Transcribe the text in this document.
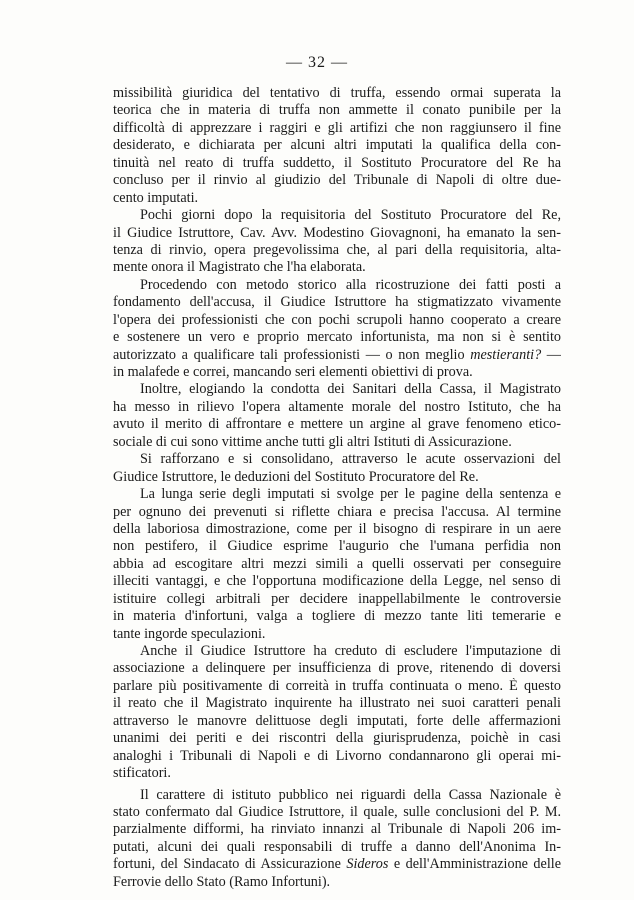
— 32 —
missibilità giuridica del tentativo di truffa, essendo ormai superata la
teorica che in materia di truffa non ammette il conato punibile per la
difficoltà di apprezzare i raggiri e gli artifizi che non raggiunsero il fine
desiderato, e dichiarata per alcuni altri imputati la qualifica della con-
tinuità nel reato di truffa suddetto, il Sostituto Procuratore del Re ha
concluso per il rinvio al giudizio del Tribunale di Napoli di oltre due-
cento imputati.
Pochi giorni dopo la requisitoria del Sostituto Procuratore del Re,
il Giudice Istruttore, Cav. Avv. Modestino Giovagnoni, ha emanato la sen-
tenza di rinvio, opera pregevolissima che, al pari della requisitoria, alta-
mente onora il Magistrato che l'ha elaborata.
Procedendo con metodo storico alla ricostruzione dei fatti posti a
fondamento dell'accusa, il Giudice Istruttore ha stigmatizzato vivamente
l'opera dei professionisti che con pochi scrupoli hanno cooperato a creare
e sostenere un vero e proprio mercato infortunista, ma non si è sentito
autorizzato a qualificare tali professionisti — o non meglio mestieranti? —
in malafede e correi, mancando seri elementi obiettivi di prova.
Inoltre, elogiando la condotta dei Sanitari della Cassa, il Magistrato
ha messo in rilievo l'opera altamente morale del nostro Istituto, che ha
avuto il merito di affrontare e mettere un argine al grave fenomeno etico-
sociale di cui sono vittime anche tutti gli altri Istituti di Assicurazione.
Si rafforzano e si consolidano, attraverso le acute osservazioni del
Giudice Istruttore, le deduzioni del Sostituto Procuratore del Re.
La lunga serie degli imputati si svolge per le pagine della sentenza e
per ognuno dei prevenuti si riflette chiara e precisa l'accusa. Al termine
della laboriosa dimostrazione, come per il bisogno di respirare in un aere
non pestifero, il Giudice esprime l'augurio che l'umana perfidia non
abbia ad escogitare altri mezzi simili a quelli osservati per conseguire
illeciti vantaggi, e che l'opportuna modificazione della Legge, nel senso di
istituire collegi arbitrali per decidere inappellabilmente le controversie
in materia d'infortuni, valga a togliere di mezzo tante liti temerarie e
tante ingorde speculazioni.
Anche il Giudice Istruttore ha creduto di escludere l'imputazione di
associazione a delinquere per insufficienza di prove, ritenendo di doversi
parlare più positivamente di correità in truffa continuata o meno. È questo
il reato che il Magistrato inquirente ha illustrato nei suoi caratteri penali
attraverso le manovre delittuose degli imputati, forte delle affermazioni
unanimi dei periti e dei riscontri della giurisprudenza, poichè in casi
analoghi i Tribunali di Napoli e di Livorno condannarono gli operai mi-
stificatori.
Il carattere di istituto pubblico nei riguardi della Cassa Nazionale è
stato confermato dal Giudice Istruttore, il quale, sulle conclusioni del P. M.
parzialmente difformi, ha rinviato innanzi al Tribunale di Napoli 206 im-
putati, alcuni dei quali responsabili di truffe a danno dell'Anonima In-
fortuni, del Sindacato di Assicurazione Sideros e dell'Amministrazione delle
Ferrovie dello Stato (Ramo Infortuni).
